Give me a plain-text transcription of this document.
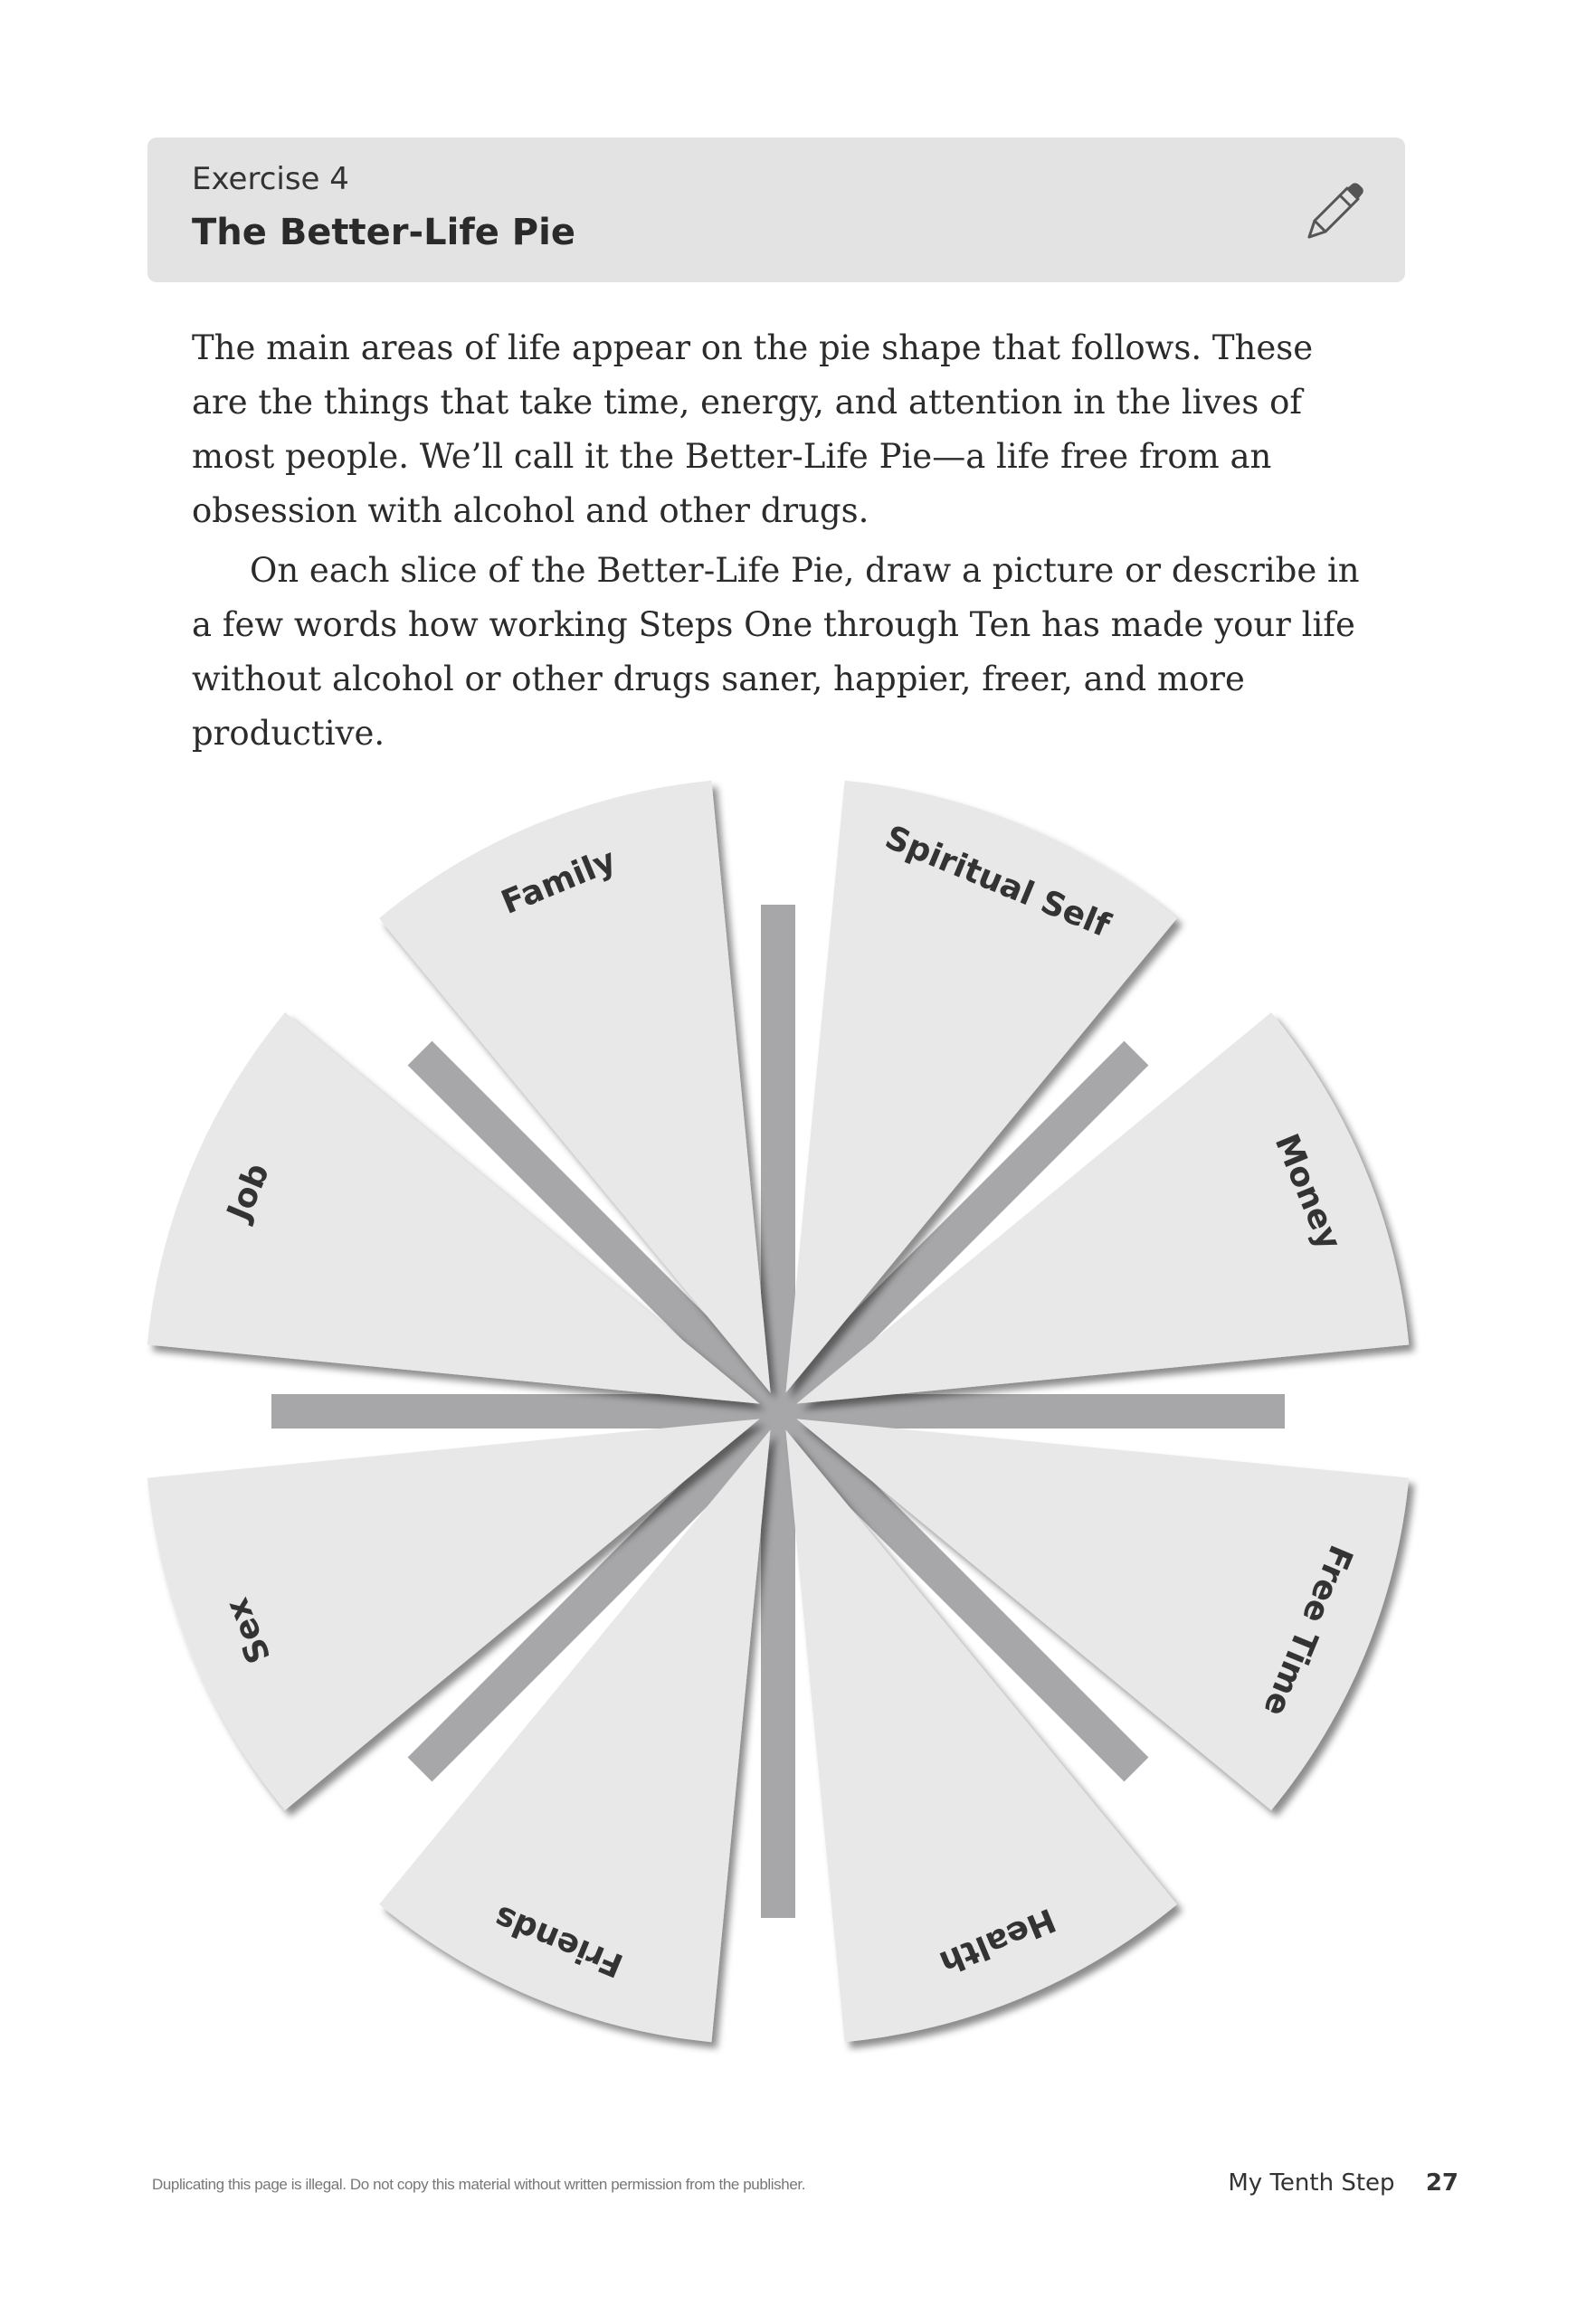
Exercise 4
The Better-Life Pie

The main areas of life appear on the pie shape that follows. These are the things that take time, energy, and attention in the lives of most people. We’ll call it the Better-Life Pie—a life free from an obsession with alcohol and other drugs.

On each slice of the Better-Life Pie, draw a picture or describe in a few words how working Steps One through Ten has made your life without alcohol or other drugs saner, happier, freer, and more productive.

Spiritual Self
Money
Free Time
Health
Friends
Sex
Job
Family
Duplicating this page is illegal. Do not copy this material without written permission from the publisher.	My Tenth Step 27
